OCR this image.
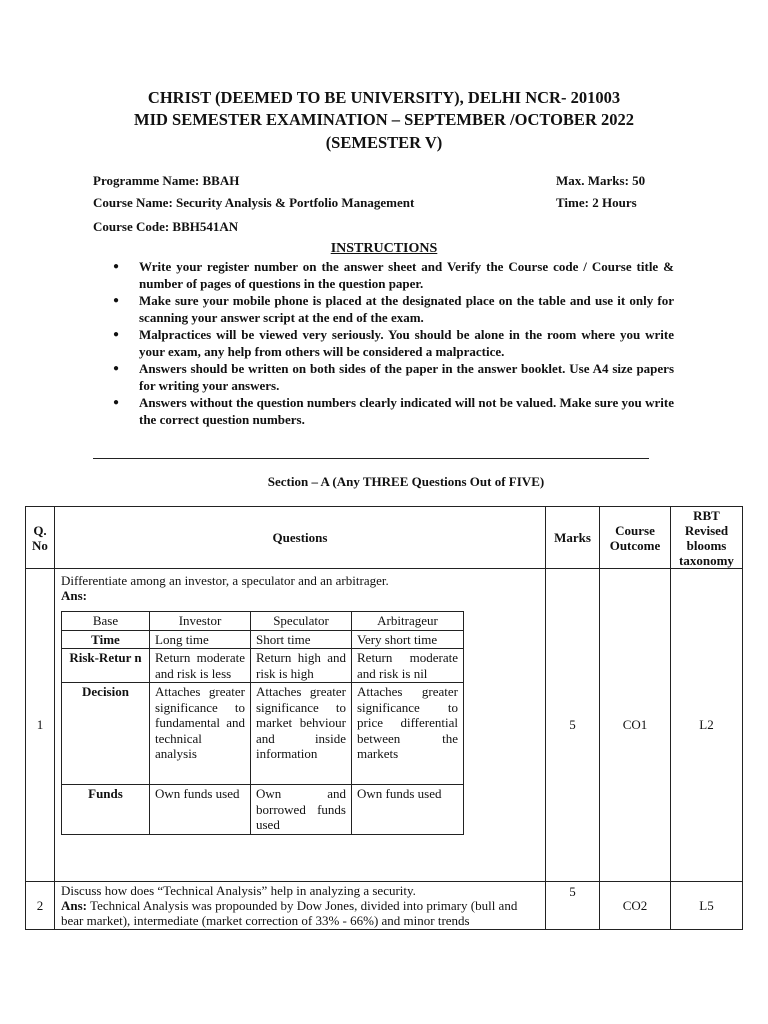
CHRIST (DEEMED TO BE UNIVERSITY), DELHI NCR- 201003
MID SEMESTER EXAMINATION – SEPTEMBER /OCTOBER 2022
(SEMESTER V)
Programme Name: BBAH
Course Name: Security Analysis & Portfolio Management
Course Code: BBH541AN
Max. Marks: 50
Time: 2 Hours
INSTRUCTIONS
● Write your register number on the answer sheet and Verify the Course code / Course title & number of pages of questions in the question paper.
● Make sure your mobile phone is placed at the designated place on the table and use it only for scanning your answer script at the end of the exam.
● Malpractices will be viewed very seriously. You should be alone in the room where you write your exam, any help from others will be considered a malpractice.
● Answers should be written on both sides of the paper in the answer booklet. Use A4 size papers for writing your answers.
● Answers without the question numbers clearly indicated will not be valued. Make sure you write the correct question numbers.
Section – A (Any THREE Questions Out of FIVE)
Q. No	Questions	Marks	Course Outcome	RBT Revised blooms taxonomy
1	
Differentiate among an investor, a speculator and an arbitrager.
Ans:
Base	Investor	Speculator	Arbitrageur
Time	Long time	Short time	Very short time
Risk-Retur n	Return moderate and risk is less	Return high and risk is high	Return moderate and risk is nil
Decision	Attaches greater significance to fundamental and technical analysis	Attaches greater significance to market behviour and inside information	Attaches greater significance to price differential between the markets
Funds	Own funds used	Own and borrowed funds used	Own funds used
	5	CO1	L2
2	
Discuss how does “Technical Analysis” help in analyzing a security.
Ans: Technical Analysis was propounded by Dow Jones, divided into primary (bull and bear market), intermediate (market correction of 33% - 66%) and minor trends
	5	CO2	L5
